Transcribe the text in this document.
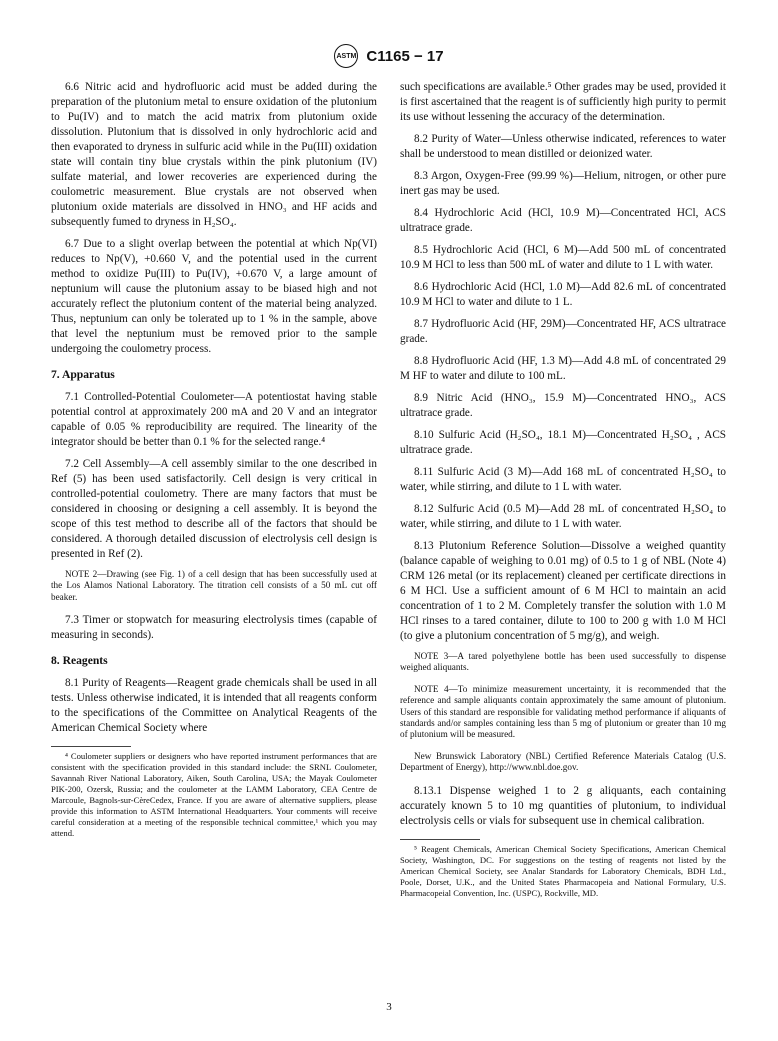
ASTM C1165 − 17

6.6 Nitric acid and hydrofluoric acid must be added during the preparation of the plutonium metal to ensure oxidation of the plutonium to Pu(IV) and to match the acid matrix from plutonium oxide dissolution. Plutonium that is dissolved in only hydrochloric acid and then evaporated to dryness in sulfuric acid while in the Pu(III) oxidation state will contain tiny blue crystals within the pink plutonium (IV) sulfate material, and lower recoveries are experienced during the coulometric measurement. Blue crystals are not observed when plutonium oxide materials are dissolved in HNO₃ and HF acids and subsequently fumed to dryness in H₂SO₄.

6.7 Due to a slight overlap between the potential at which Np(VI) reduces to Np(V), +0.660 V, and the potential used in the current method to oxidize Pu(III) to Pu(IV), +0.670 V, a large amount of neptunium will cause the plutonium assay to be biased high and not accurately reflect the plutonium content of the material being analyzed. Thus, neptunium can only be tolerated up to 1 % in the sample, above that level the neptunium must be removed prior to the sample undergoing the coulometry process.

7. Apparatus

7.1 Controlled-Potential Coulometer—A potentiostat having stable potential control at approximately 200 mA and 20 V and an integrator capable of 0.05 % reproducibility are required. The linearity of the integrator should be better than 0.1 % for the selected range.⁴

7.2 Cell Assembly—A cell assembly similar to the one described in Ref (5) has been used satisfactorily. Cell design is very critical in controlled-potential coulometry. There are many factors that must be considered in choosing or designing a cell assembly. It is beyond the scope of this test method to describe all of the factors that should be considered. A thorough detailed discussion of electrolysis cell design is presented in Ref (2).

NOTE 2—Drawing (see Fig. 1) of a cell design that has been successfully used at the Los Alamos National Laboratory. The titration cell consists of a 50 mL cut off beaker.

7.3 Timer or stopwatch for measuring electrolysis times (capable of measuring in seconds).

8. Reagents

8.1 Purity of Reagents—Reagent grade chemicals shall be used in all tests. Unless otherwise indicated, it is intended that all reagents conform to the specifications of the Committee on Analytical Reagents of the American Chemical Society where

⁴ Coulometer suppliers or designers who have reported instrument performances that are consistent with the specification provided in this standard include: the SRNL Coulometer, Savannah River National Laboratory, Aiken, South Carolina, USA; the Mayak Coulometer PIK-200, Ozersk, Russia; and the coulometer at the LAMM Laboratory, CEA Centre de Marcoule, Bagnols-sur-CèreCedex, France. If you are aware of alternative suppliers, please provide this information to ASTM International Headquarters. Your comments will receive careful consideration at a meeting of the responsible technical committee,¹ which you may attend.

such specifications are available.⁵ Other grades may be used, provided it is first ascertained that the reagent is of sufficiently high purity to permit its use without lessening the accuracy of the determination.

8.2 Purity of Water—Unless otherwise indicated, references to water shall be understood to mean distilled or deionized water.

8.3 Argon, Oxygen-Free (99.99 %)—Helium, nitrogen, or other pure inert gas may be used.

8.4 Hydrochloric Acid (HCl, 10.9 M)—Concentrated HCl, ACS ultratrace grade.

8.5 Hydrochloric Acid (HCl, 6 M)—Add 500 mL of concentrated 10.9 M HCl to less than 500 mL of water and dilute to 1 L with water.

8.6 Hydrochloric Acid (HCl, 1.0 M)—Add 82.6 mL of concentrated 10.9 M HCl to water and dilute to 1 L.

8.7 Hydrofluoric Acid (HF, 29M)—Concentrated HF, ACS ultratrace grade.

8.8 Hydrofluoric Acid (HF, 1.3 M)—Add 4.8 mL of concentrated 29 M HF to water and dilute to 100 mL.

8.9 Nitric Acid (HNO₃, 15.9 M)—Concentrated HNO₃, ACS ultratrace grade.

8.10 Sulfuric Acid (H₂SO₄, 18.1 M)—Concentrated H₂SO₄ , ACS ultratrace grade.

8.11 Sulfuric Acid (3 M)—Add 168 mL of concentrated H₂SO₄ to water, while stirring, and dilute to 1 L with water.

8.12 Sulfuric Acid (0.5 M)—Add 28 mL of concentrated H₂SO₄ to water, while stirring, and dilute to 1 L with water.

8.13 Plutonium Reference Solution—Dissolve a weighed quantity (balance capable of weighing to 0.01 mg) of 0.5 to 1 g of NBL (Note 4) CRM 126 metal (or its replacement) cleaned per certificate directions in 6 M HCl. Use a sufficient amount of 6 M HCl to maintain an acid concentration of 1 to 2 M. Completely transfer the solution with 1.0 M HCl rinses to a tared container, dilute to 100 to 200 g with 1.0 M HCl (to give a plutonium concentration of 5 mg/g), and weigh.

NOTE 3—A tared polyethylene bottle has been used successfully to dispense weighed aliquants.
NOTE 4—To minimize measurement uncertainty, it is recommended that the reference and sample aliquants contain approximately the same amount of plutonium. Users of this standard are responsible for validating method performance if aliquants of standards and/or samples containing less than 5 mg of plutonium or greater than 10 mg of plutonium will be measured.
New Brunswick Laboratory (NBL) Certified Reference Materials Catalog (U.S. Department of Energy), http://www.nbl.doe.gov.

8.13.1 Dispense weighed 1 to 2 g aliquants, each containing accurately known 5 to 10 mg quantities of plutonium, to individual electrolysis cells or vials for subsequent use in chemical calibration.

⁵ Reagent Chemicals, American Chemical Society Specifications, American Chemical Society, Washington, DC. For suggestions on the testing of reagents not listed by the American Chemical Society, see Analar Standards for Laboratory Chemicals, BDH Ltd., Poole, Dorset, U.K., and the United States Pharmacopeia and National Formulary, U.S. Pharmacopeial Convention, Inc. (USPC), Rockville, MD.
3
